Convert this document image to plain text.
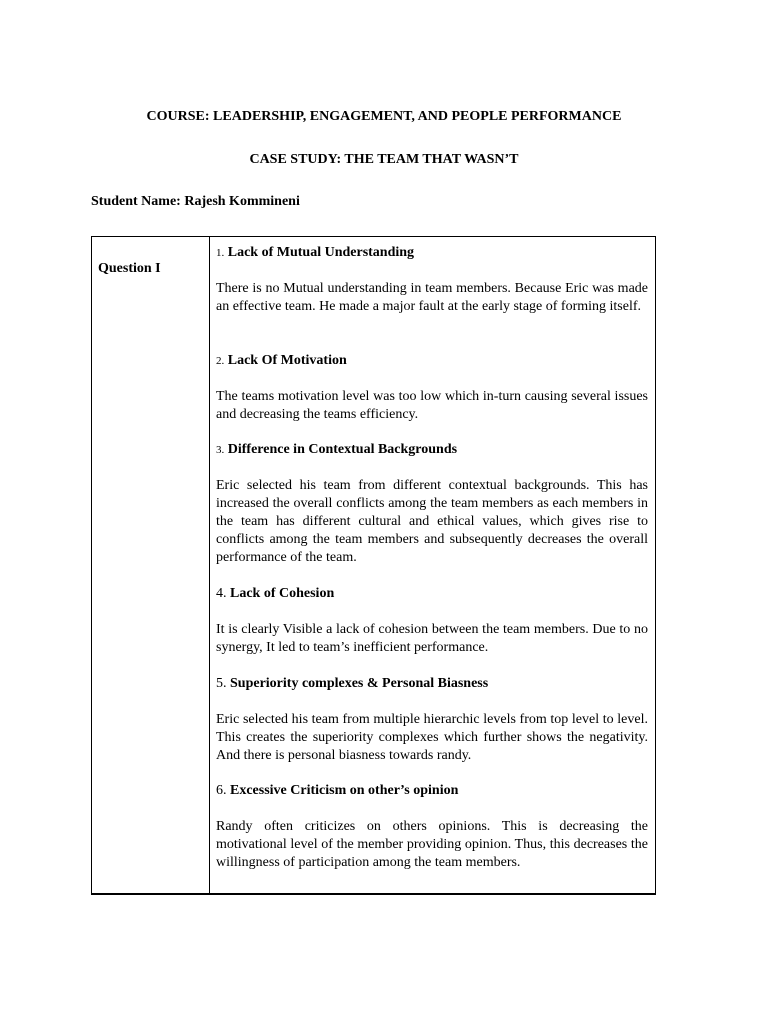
COURSE: LEADERSHIP, ENGAGEMENT, AND PEOPLE PERFORMANCE

CASE STUDY: THE TEAM THAT WASN’T

Student Name: Rajesh Kommineni

Question I

1. Lack of Mutual Understanding

There is no Mutual understanding in team members. Because Eric was made an effective team. He made a major fault at the early stage of forming itself.

2. Lack Of Motivation

The teams motivation level was too low which in-turn causing several issues and decreasing the teams efficiency.

3. Difference in Contextual Backgrounds

Eric selected his team from different contextual backgrounds. This has increased the overall conflicts among the team members as each members in the team has different cultural and ethical values, which gives rise to conflicts among the team members and subsequently decreases the overall performance of the team.

4. Lack of Cohesion

It is clearly Visible a lack of cohesion between the team members. Due to no synergy, It led to team’s inefficient performance.

5. Superiority complexes & Personal Biasness

Eric selected his team from multiple hierarchic levels from top level to level. This creates the superiority complexes which further shows the negativity. And there is personal biasness towards randy.

6. Excessive Criticism on other’s opinion

Randy often criticizes on others opinions. This is decreasing the motivational level of the member providing opinion. Thus, this decreases the willingness of participation among the team members.
